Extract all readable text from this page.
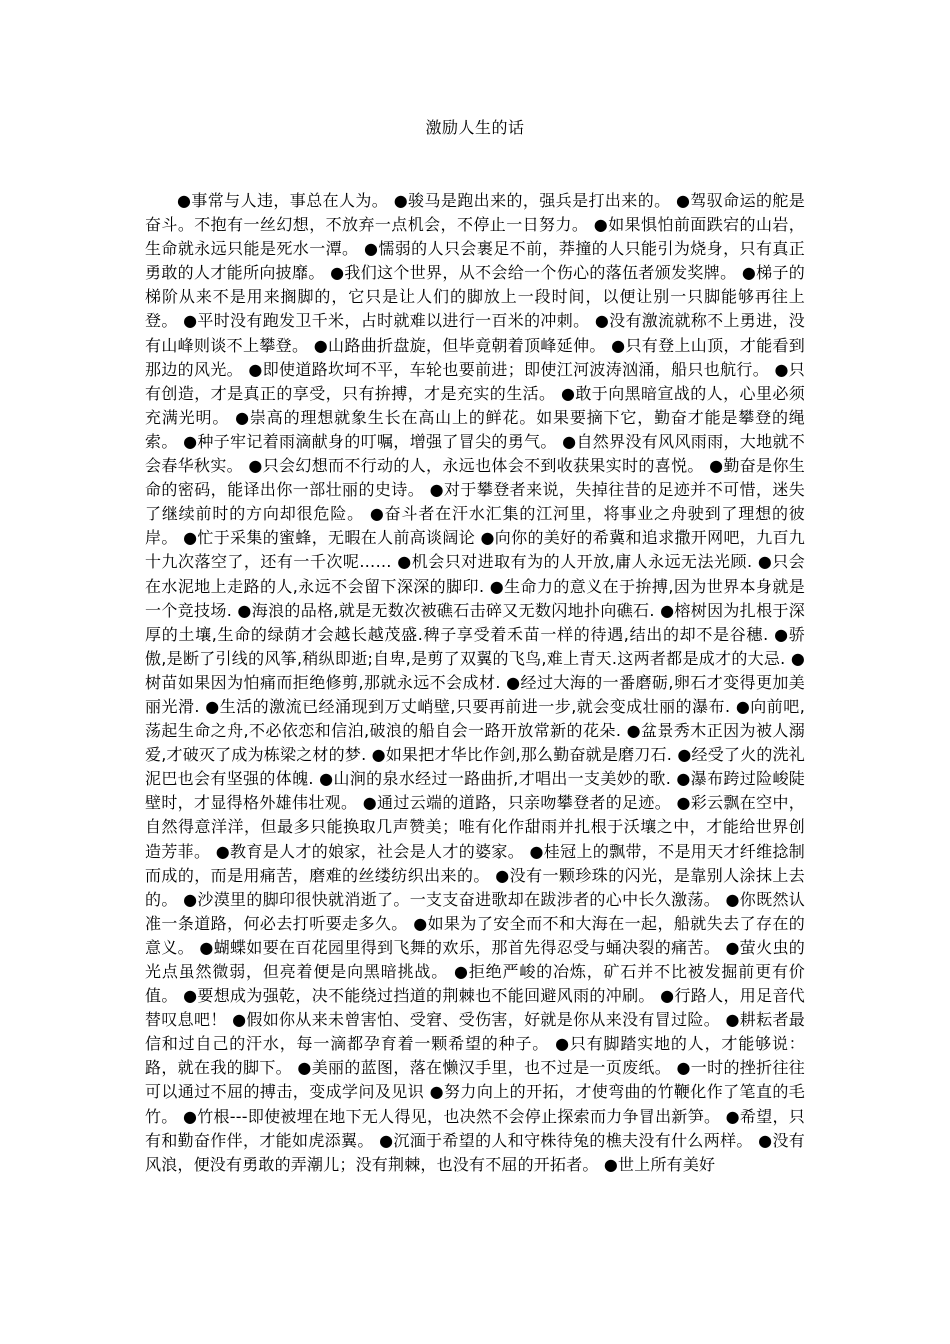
激励人生的话

●事常与人违，事总在人为。 ●骏马是跑出来的，强兵是打出来的。 ●驾驭命运的舵是奋斗。不抱有一丝幻想，不放弃一点机会，不停止一日努力。 ●如果惧怕前面跌宕的山岩，生命就永远只能是死水一潭。 ●懦弱的人只会裹足不前，莽撞的人只能引为烧身，只有真正勇敢的人才能所向披靡。 ●我们这个世界，从不会给一个伤心的落伍者颁发奖牌。 ●梯子的梯阶从来不是用来搁脚的，它只是让人们的脚放上一段时间，以便让别一只脚能够再往上登。 ●平时没有跑发卫千米，占时就难以进行一百米的冲刺。 ●没有激流就称不上勇进，没有山峰则谈不上攀登。 ●山路曲折盘旋，但毕竟朝着顶峰延伸。 ●只有登上山顶，才能看到那边的风光。 ●即使道路坎坷不平，车轮也要前进；即使江河波涛汹涌，船只也航行。 ●只有创造，才是真正的享受，只有拚搏，才是充实的生活。 ●敢于向黑暗宣战的人，心里必须充满光明。 ●崇高的理想就象生长在高山上的鲜花。如果要摘下它，勤奋才能是攀登的绳索。 ●种子牢记着雨滴献身的叮嘱，增强了冒尖的勇气。 ●自然界没有风风雨雨，大地就不会春华秋实。 ●只会幻想而不行动的人，永远也体会不到收获果实时的喜悦。 ●勤奋是你生命的密码，能译出你一部壮丽的史诗。 ●对于攀登者来说，失掉往昔的足迹并不可惜，迷失了继续前时的方向却很危险。 ●奋斗者在汗水汇集的江河里，将事业之舟驶到了理想的彼岸。 ●忙于采集的蜜蜂，无暇在人前高谈阔论 ●向你的美好的希冀和追求撒开网吧，九百九十九次落空了，还有一千次呢…… ●机会只对进取有为的人开放,庸人永远无法光顾. ●只会在水泥地上走路的人,永远不会留下深深的脚印. ●生命力的意义在于拚搏,因为世界本身就是一个竞技场. ●海浪的品格,就是无数次被礁石击碎又无数闪地扑向礁石. ●榕树因为扎根于深厚的土壤,生命的绿荫才会越长越茂盛.稗子享受着禾苗一样的待遇,结出的却不是谷穗. ●骄傲,是断了引线的风筝,稍纵即逝;自卑,是剪了双翼的飞鸟,难上青天.这两者都是成才的大忌. ●树苗如果因为怕痛而拒绝修剪,那就永远不会成材. ●经过大海的一番磨砺,卵石才变得更加美丽光滑. ●生活的激流已经涌现到万丈峭壁,只要再前进一步,就会变成壮丽的瀑布. ●向前吧,荡起生命之舟,不必依恋和信泊,破浪的船自会一路开放常新的花朵. ●盆景秀木正因为被人溺爱,才破灭了成为栋梁之材的梦. ●如果把才华比作剑,那么勤奋就是磨刀石. ●经受了火的洗礼泥巴也会有坚强的体魄. ●山涧的泉水经过一路曲折,才唱出一支美妙的歌. ●瀑布跨过险峻陡壁时，才显得格外雄伟壮观。 ●通过云端的道路，只亲吻攀登者的足迹。 ●彩云飘在空中，自然得意洋洋，但最多只能换取几声赞美；唯有化作甜雨并扎根于沃壤之中，才能给世界创造芳菲。 ●教育是人才的娘家，社会是人才的婆家。 ●桂冠上的飘带，不是用天才纤维捻制而成的，而是用痛苦，磨难的丝缕纺织出来的。 ●没有一颗珍珠的闪光，是靠别人涂抹上去的。 ●沙漠里的脚印很快就消逝了。一支支奋进歌却在跋涉者的心中长久激荡。 ●你既然认准一条道路，何必去打听要走多久。 ●如果为了安全而不和大海在一起，船就失去了存在的意义。 ●蝴蝶如要在百花园里得到飞舞的欢乐，那首先得忍受与蛹决裂的痛苦。 ●萤火虫的光点虽然微弱，但亮着便是向黑暗挑战。 ●拒绝严峻的冶炼，矿石并不比被发掘前更有价值。 ●要想成为强乾，决不能绕过挡道的荆棘也不能回避风雨的冲刷。 ●行路人，用足音代替叹息吧！ ●假如你从来未曾害怕、受窘、受伤害，好就是你从来没有冒过险。 ●耕耘者最信和过自己的汗水，每一滴都孕育着一颗希望的种子。 ●只有脚踏实地的人，才能够说：路，就在我的脚下。 ●美丽的蓝图，落在懒汉手里，也不过是一页废纸。 ●一时的挫折往往可以通过不屈的搏击，变成学问及见识 ●努力向上的开拓，才使弯曲的竹鞭化作了笔直的毛竹。 ●竹根---即使被埋在地下无人得见，也决然不会停止探索而力争冒出新笋。 ●希望，只有和勤奋作伴，才能如虎添翼。 ●沉湎于希望的人和守株待兔的樵夫没有什么两样。 ●没有风浪，便没有勇敢的弄潮儿；没有荆棘，也没有不屈的开拓者。 ●世上所有美好
